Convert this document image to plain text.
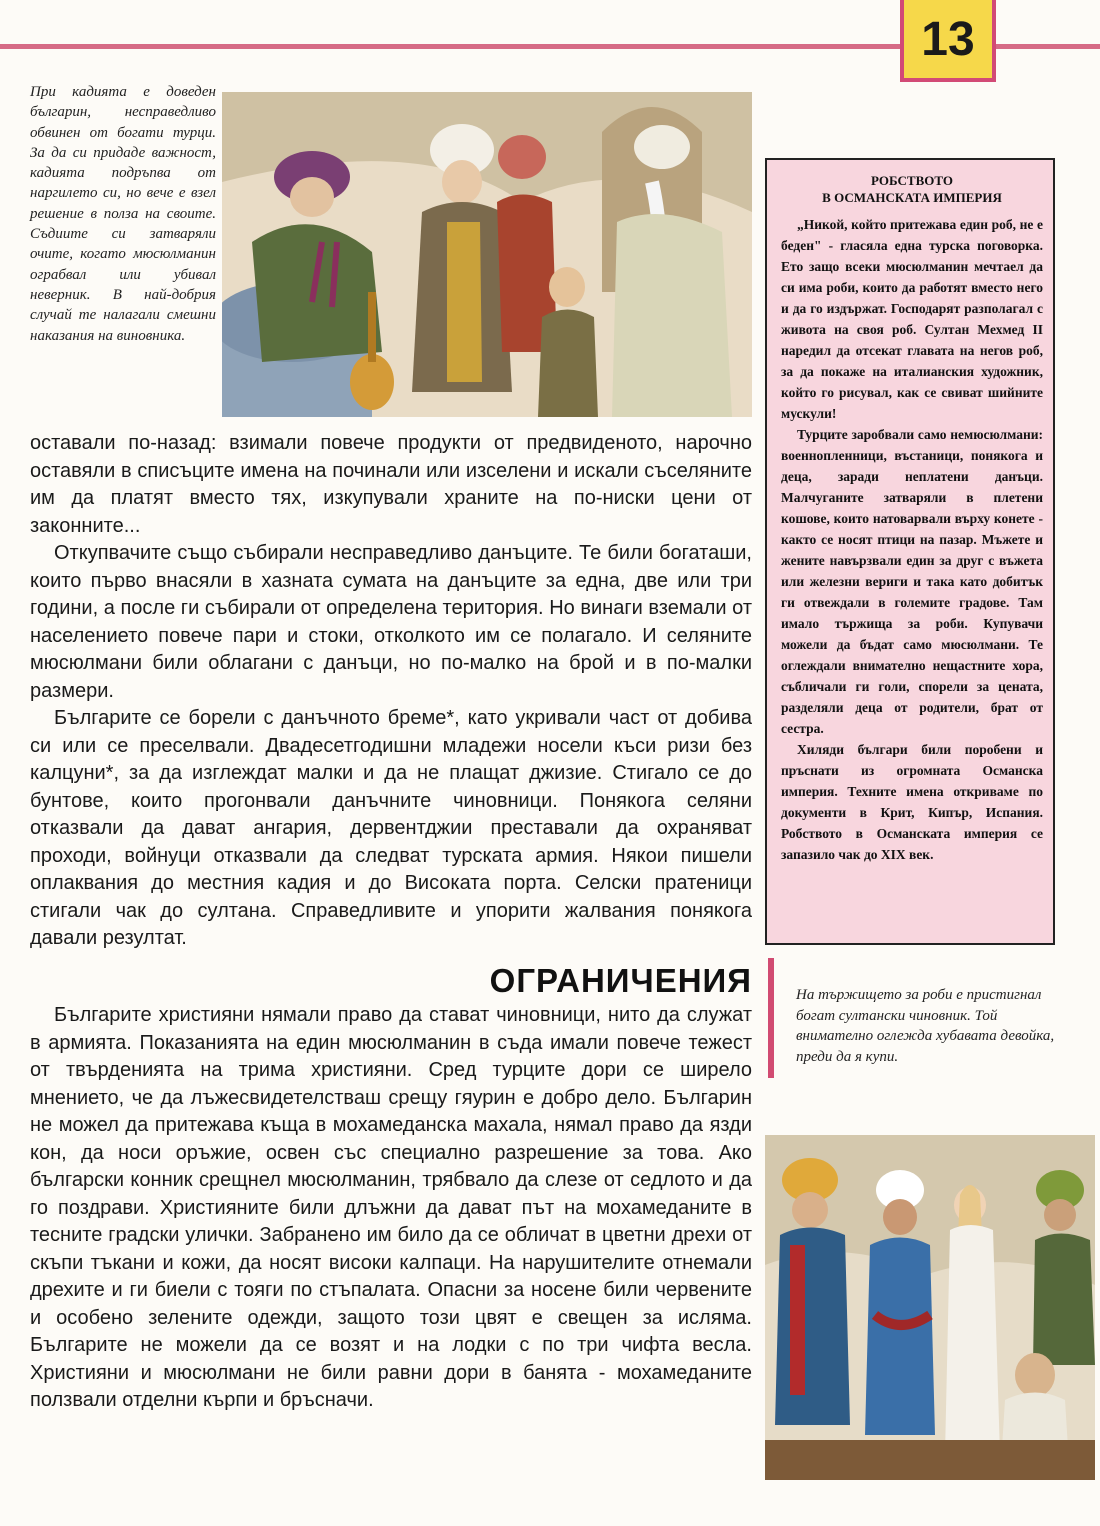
13

При кадията е доведен българин, несправедливо обвинен от богати турци. За да си придаде важност, кадията подръпва от наргилето си, но вече е взел решение в полза на своите. Съдиите си затваряли очите, когато мюсюлманин ограбвал или убивал неверник. В най-добрия случай те налагали смешни наказания на виновника.

РОБСТВОТО
В ОСМАНСКАТА ИМПЕРИЯ

„Никой, който притежава един роб, не е беден" - гласяла една турска поговорка. Ето защо всеки мюсюлманин мечтаел да си има роби, които да работят вместо него и да го издържат. Господарят разполагал с живота на своя роб. Султан Мехмед II наредил да отсекат главата на негов роб, за да покаже на италианския художник, който го рисувал, как се свиват шийните мускули!

Турците заробвали само немюсюлмани: военнопленници, въстаници, понякога и деца, заради неплатени данъци. Малчуганите затваряли в плетени кошове, които натоварвали върху конете - както се носят птици на пазар. Мъжете и жените навързвали един за друг с въжета или железни вериги и така като добитък ги отвеждали в големите градове. Там имало тържища за роби. Купувачи можели да бъдат само мюсюлмани. Те оглеждали внимателно нещастните хора, събличали ги голи, спорели за цената, разделяли деца от родители, брат от сестра.

Хиляди българи били поробени и пръснати из огромната Османска империя. Техните имена откриваме по документи в Крит, Кипър, Испания. Робството в Османската империя се запазило чак до XIX век.

оставали по-назад: взимали повече продукти от предвиденото, нарочно оставяли в списъците имена на починали или изселени и искали съселяните им да платят вместо тях, изкупували храните на по-ниски цени от законните...

Откупвачите също събирали несправедливо данъците. Те били богаташи, които първо внасяли в хазната сумата на данъците за една, две или три години, а после ги събирали от определена територия. Но винаги вземали от населението повече пари и стоки, отколкото им се полагало. И селяните мюсюлмани били облагани с данъци, но по-малко на брой и в по-малки размери.

Българите се борели с данъчното бреме*, като укривали част от добива си или се преселвали. Двадесетгодишни младежи носели къси ризи без калцуни*, за да изглеждат малки и да не плащат джизие. Стигало се до бунтове, които прогонвали данъчните чиновници. Понякога селяни отказвали да дават ангария, дервентджии преставали да охраняват проходи, войнуци отказвали да следват турската армия. Някои пишели оплаквания до местния кадия и до Високата порта. Селски пратеници стигали чак до султана. Справедливите и упорити жалвания понякога давали резултат.

ОГРАНИЧЕНИЯ

Българите християни нямали право да стават чиновници, нито да служат в армията. Показанията на един мюсюлманин в съда имали повече тежест от твърденията на трима християни. Сред турците дори се ширело мнението, че да лъжесвидетелстваш срещу гяурин е добро дело. Българин не можел да притежава къща в мохамеданска махала, нямал право да язди кон, да носи оръжие, освен със специално разрешение за това. Ако български конник срещнел мюсюлманин, трябвало да слезе от седлото и да го поздрави. Християните били длъжни да дават път на мохамеданите в тесните градски улички. Забранено им било да се обличат в цветни дрехи от скъпи тъкани и кожи, да носят високи калпаци. На нарушителите отнемали дрехите и ги биели с тояги по стъпалата. Опасни за носене били червените и особено зелените одежди, защото този цвят е свещен за исляма. Българите не можели да се возят и на лодки с по три чифта весла. Християни и мюсюлмани не били равни дори в банята - мохамеданите ползвали отделни кърпи и бръсначи.

На тържището за роби е пристигнал богат султански чиновник. Той внимателно оглежда хубавата девойка, преди да я купи.
